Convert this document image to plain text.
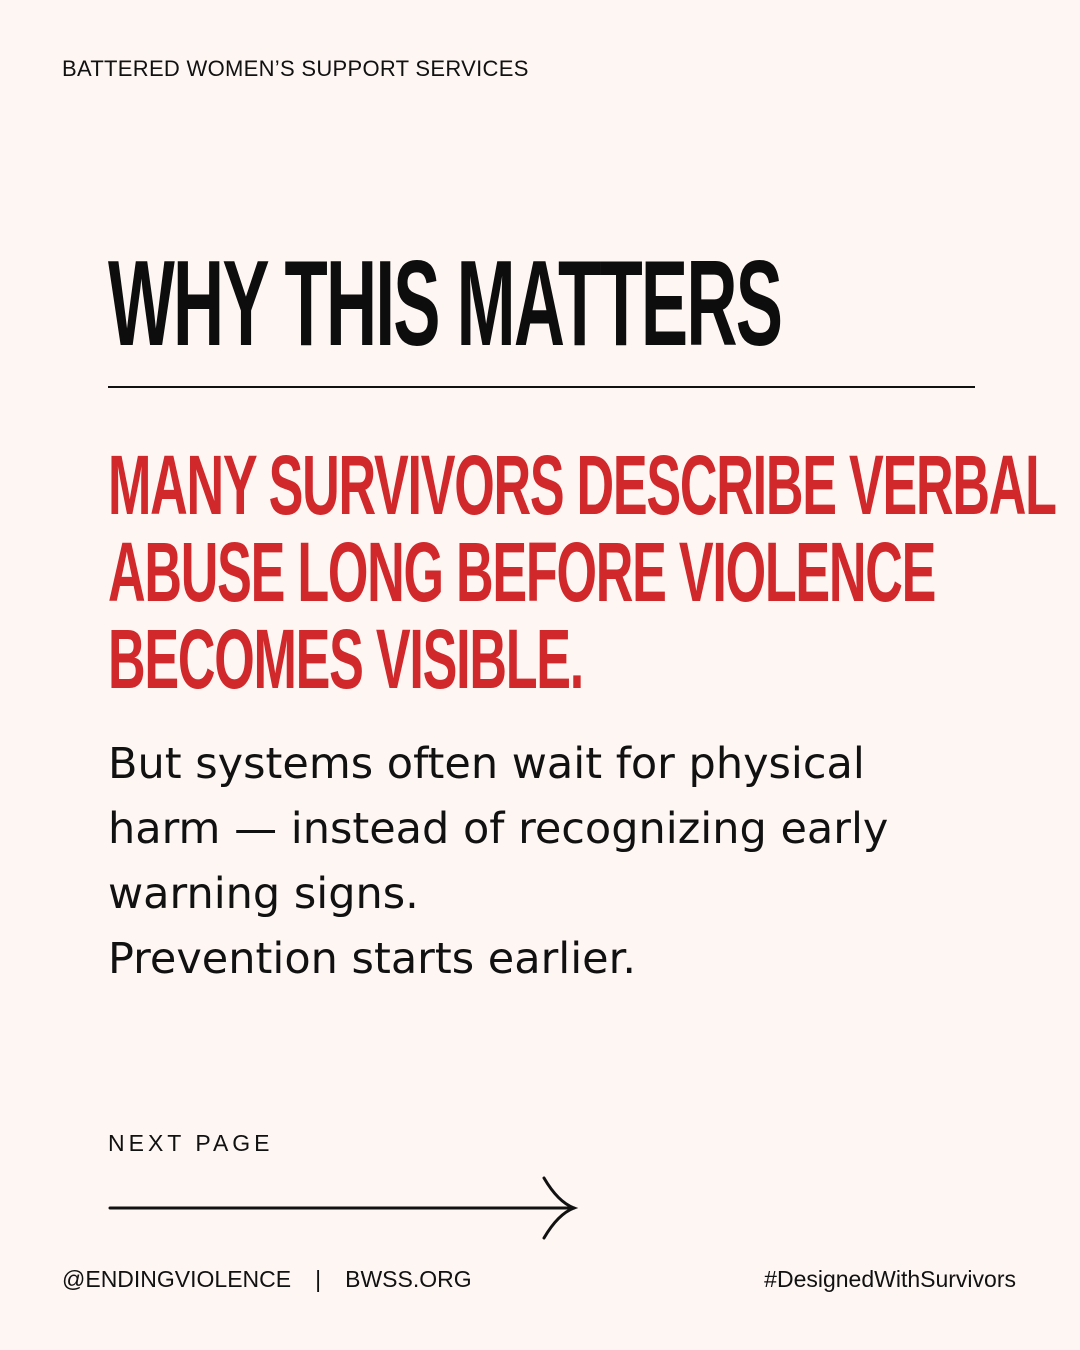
BATTERED WOMEN’S SUPPORT SERVICES
WHY THIS MATTERS
MANY SURVIVORS DESCRIBE VERBAL
ABUSE LONG BEFORE VIOLENCE
BECOMES VISIBLE.
But systems often wait for physical
harm — instead of recognizing early
warning signs.
Prevention starts earlier.
NEXT PAGE
@ENDINGVIOLENCE | BWSS.ORG	#DesignedWithSurvivors
